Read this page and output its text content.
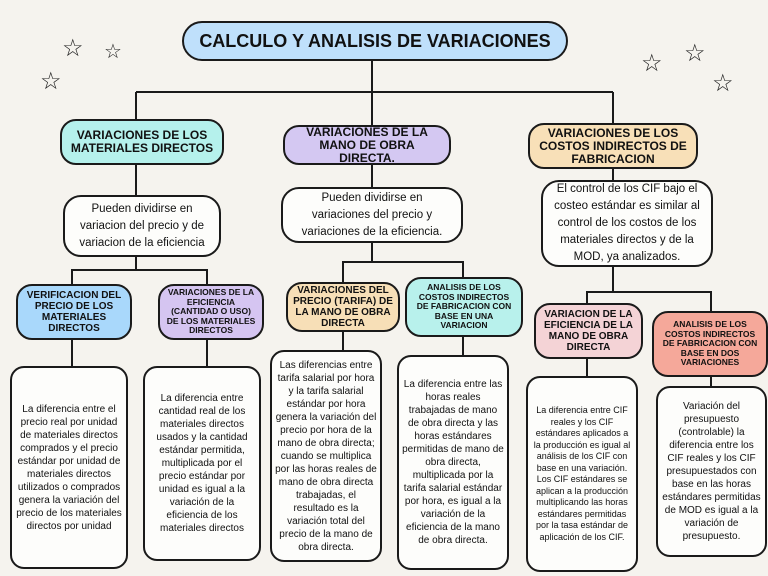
☆ ☆
☆
☆
☆
☆
CALCULO Y ANALISIS DE VARIACIONES
VARIACIONES DE LOS MATERIALES DIRECTOS
Pueden dividirse en variacion del precio y de variacion de la eficiencia
VERIFICACION DEL PRECIO DE LOS MATERIALES DIRECTOS
VARIACIONES DE LA EFICIENCIA (CANTIDAD O USO) DE LOS MATERIALES DIRECTOS
La diferencia entre el precio real por unidad de materiales directos comprados y el precio estándar por unidad de materiales directos utilizados o comprados genera la variación del precio de los materiales directos por unidad
La diferencia entre cantidad real de los materiales directos usados y la cantidad estándar permitida, multiplicada por el precio estándar por unidad es igual a la variación de la eficiencia de los materiales directos
VARIACIONES DE LA MANO DE OBRA DIRECTA.
Pueden dividirse en variaciones del precio y variaciones de la eficiencia.
VARIACIONES DEL PRECIO (TARIFA) DE LA MANO DE OBRA DIRECTA
ANALISIS DE LOS COSTOS INDIRECTOS DE FABRICACION CON BASE EN UNA VARIACION
Las diferencias entre tarifa salarial por hora y la tarifa salarial estándar por hora genera la variación del precio por hora de la mano de obra directa; cuando se multiplica por las horas reales de mano de obra directa trabajadas, el resultado es la variación total del precio de la mano de obra directa.
La diferencia entre las horas reales trabajadas de mano de obra directa y las horas estándares permitidas de mano de obra directa, multiplicada por la tarifa salarial estándar por hora, es igual a la variación de la eficiencia de la mano de obra directa.
VARIACIONES DE LOS COSTOS INDIRECTOS DE FABRICACION
El control de los CIF bajo el costeo estándar es similar al control de los costos de los materiales directos y de la MOD, ya analizados.
VARIACION DE LA EFICIENCIA DE LA MANO DE OBRA DIRECTA
ANALISIS DE LOS COSTOS INDIRECTOS DE FABRICACION CON BASE EN DOS VARIACIONES
La diferencia entre CIF reales y los CIF estándares aplicados a la producción es igual al análisis de los CIF con base en una variación. Los CIF estándares se aplican a la producción multiplicando las horas estándares permitidas por la tasa estándar de aplicación de los CIF.
Variación del presupuesto (controlable) la diferencia entre los CIF reales y los CIF presupuestados con base en las horas estándares permitidas de MOD es igual a la variación de presupuesto.
